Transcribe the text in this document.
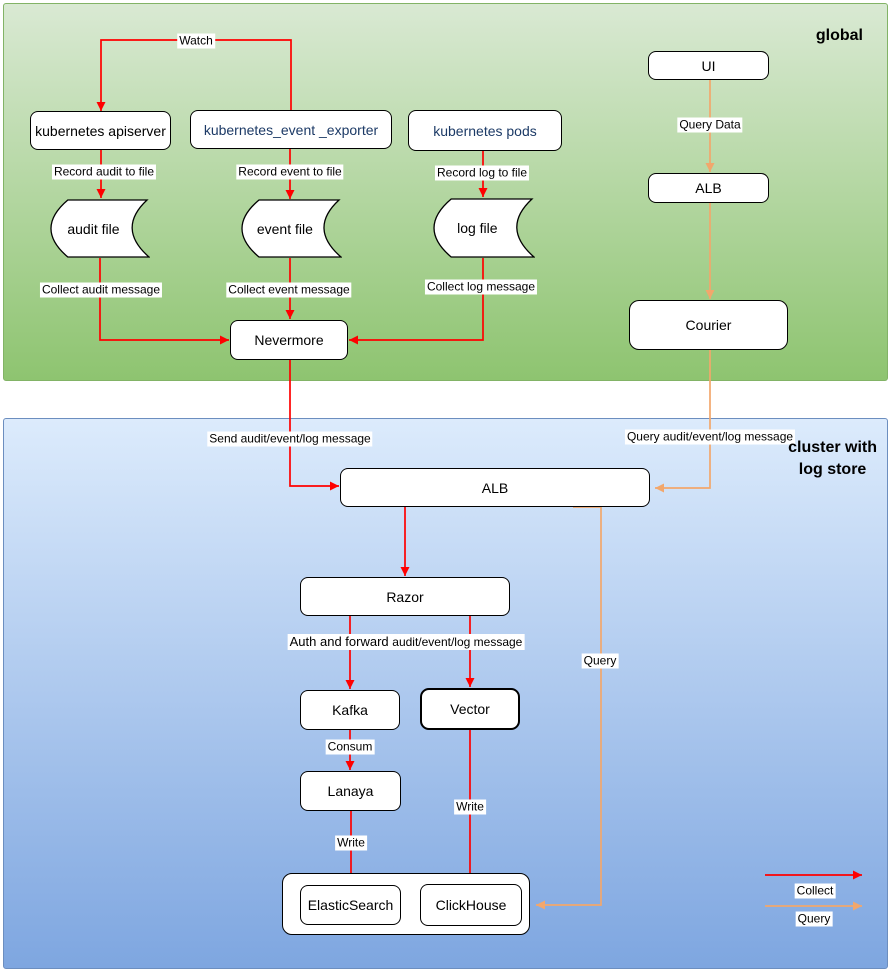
global
cluster with
log store
kubernetes apiserver	kubernetes_event _exporter	kubernetes pods
audit file	event file	log file
Nevermore
UI
ALB
Courier
ALB
Razor
Kafka	Vector
Lanaya
ElasticSearch	ClickHouse
Watch
Record audit to file	Record event to file	Record log to file
Collect audit message	Collect event message	Collect log message
Query Data
Send audit/event/log message	Query audit/event/log message
Auth and forward audit/event/log message
Query
Consum
Write
Write
Collect
Query
